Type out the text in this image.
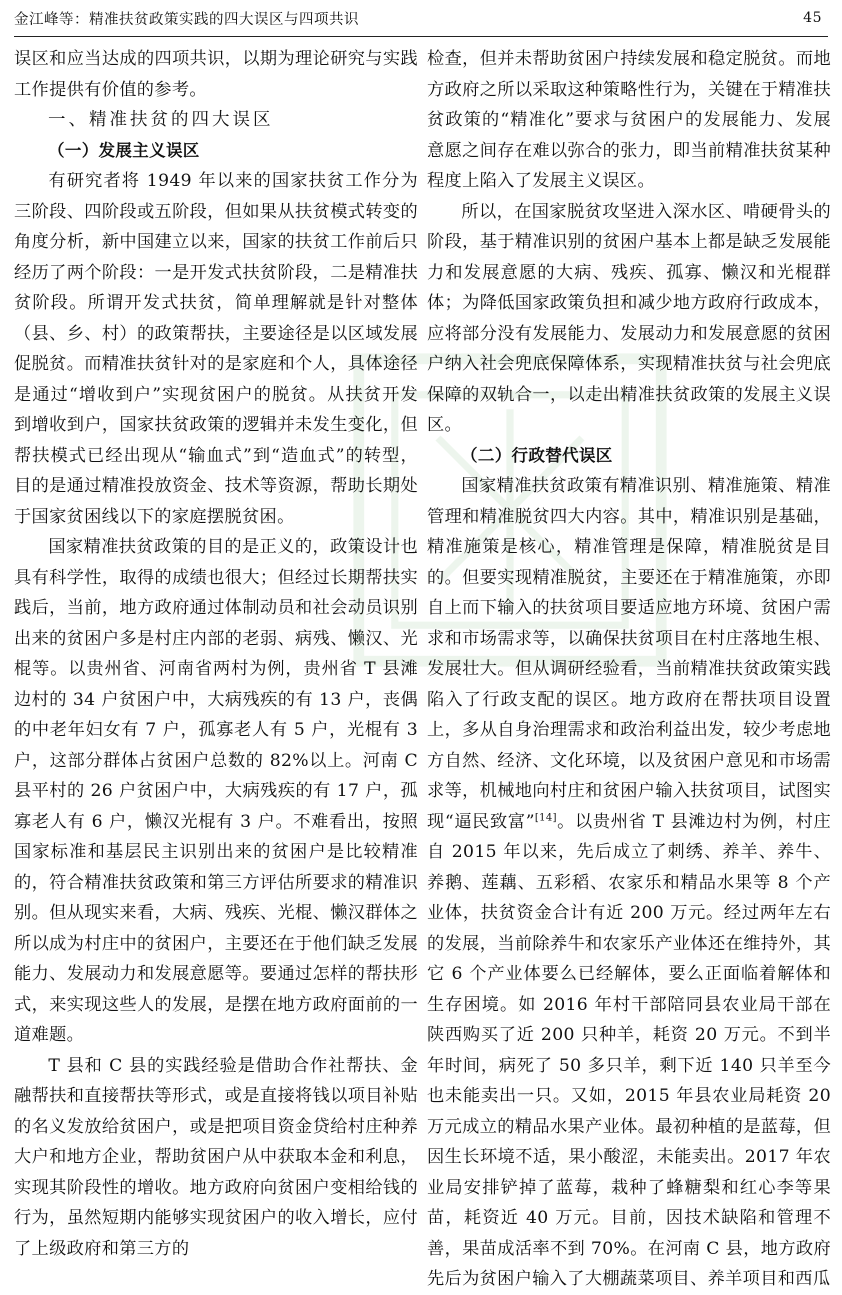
金江峰等：精准扶贫政策实践的四大误区与四项共识	45

误区和应当达成的四项共识，以期为理论研究与实践工作提供有价值的参考。

一、精准扶贫的四大误区

（一）发展主义误区

有研究者将 1949 年以来的国家扶贫工作分为三阶段、四阶段或五阶段，但如果从扶贫模式转变的角度分析，新中国建立以来，国家的扶贫工作前后只经历了两个阶段：一是开发式扶贫阶段，二是精准扶贫阶段。所谓开发式扶贫，简单理解就是针对整体（县、乡、村）的政策帮扶，主要途径是以区域发展促脱贫。而精准扶贫针对的是家庭和个人，具体途径是通过“增收到户”实现贫困户的脱贫。从扶贫开发到增收到户，国家扶贫政策的逻辑并未发生变化，但帮扶模式已经出现从“输血式”到“造血式”的转型，目的是通过精准投放资金、技术等资源，帮助长期处于国家贫困线以下的家庭摆脱贫困。

国家精准扶贫政策的目的是正义的，政策设计也具有科学性，取得的成绩也很大；但经过长期帮扶实践后，当前，地方政府通过体制动员和社会动员识别出来的贫困户多是村庄内部的老弱、病残、懒汉、光棍等。以贵州省、河南省两村为例，贵州省 T 县滩边村的 34 户贫困户中，大病残疾的有 13 户，丧偶的中老年妇女有 7 户，孤寡老人有 5 户，光棍有 3 户，这部分群体占贫困户总数的 82%以上。河南 C 县平村的 26 户贫困户中，大病残疾的有 17 户，孤寡老人有 6 户，懒汉光棍有 3 户。不难看出，按照国家标准和基层民主识别出来的贫困户是比较精准的，符合精准扶贫政策和第三方评估所要求的精准识别。但从现实来看，大病、残疾、光棍、懒汉群体之所以成为村庄中的贫困户，主要还在于他们缺乏发展能力、发展动力和发展意愿等。要通过怎样的帮扶形式，来实现这些人的发展，是摆在地方政府面前的一道难题。

T 县和 C 县的实践经验是借助合作社帮扶、金融帮扶和直接帮扶等形式，或是直接将钱以项目补贴的名义发放给贫困户，或是把项目资金贷给村庄种养大户和地方企业，帮助贫困户从中获取本金和利息，实现其阶段性的增收。地方政府向贫困户变相给钱的行为，虽然短期内能够实现贫困户的收入增长，应付了上级政府和第三方的

检查，但并未帮助贫困户持续发展和稳定脱贫。而地方政府之所以采取这种策略性行为，关键在于精准扶贫政策的“精准化”要求与贫困户的发展能力、发展意愿之间存在难以弥合的张力，即当前精准扶贫某种程度上陷入了发展主义误区。

所以，在国家脱贫攻坚进入深水区、啃硬骨头的阶段，基于精准识别的贫困户基本上都是缺乏发展能力和发展意愿的大病、残疾、孤寡、懒汉和光棍群体；为降低国家政策负担和减少地方政府行政成本，应将部分没有发展能力、发展动力和发展意愿的贫困户纳入社会兜底保障体系，实现精准扶贫与社会兜底保障的双轨合一，以走出精准扶贫政策的发展主义误区。

（二）行政替代误区

国家精准扶贫政策有精准识别、精准施策、精准管理和精准脱贫四大内容。其中，精准识别是基础，精准施策是核心，精准管理是保障，精准脱贫是目的。但要实现精准脱贫，主要还在于精准施策，亦即自上而下输入的扶贫项目要适应地方环境、贫困户需求和市场需求等，以确保扶贫项目在村庄落地生根、发展壮大。但从调研经验看，当前精准扶贫政策实践陷入了行政支配的误区。地方政府在帮扶项目设置上，多从自身治理需求和政治利益出发，较少考虑地方自然、经济、文化环境，以及贫困户意见和市场需求等，机械地向村庄和贫困户输入扶贫项目，试图实现“逼民致富”[14]。以贵州省 T 县滩边村为例，村庄自 2015 年以来，先后成立了刺绣、养羊、养牛、养鹅、莲藕、五彩稻、农家乐和精品水果等 8 个产业体，扶贫资金合计有近 200 万元。经过两年左右的发展，当前除养牛和农家乐产业体还在维持外，其它 6 个产业体要么已经解体，要么正面临着解体和生存困境。如 2016 年村干部陪同县农业局干部在陕西购买了近 200 只种羊，耗资 20 万元。不到半年时间，病死了 50 多只羊，剩下近 140 只羊至今也未能卖出一只。又如，2015 年县农业局耗资 20 万元成立的精品水果产业体。最初种植的是蓝莓，但因生长环境不适，果小酸涩，未能卖出。2017 年农业局安排铲掉了蓝莓，栽种了蜂糖梨和红心李等果苗，耗资近 40 万元。目前，因技术缺陷和管理不善，果苗成活率不到 70%。在河南 C 县，地方政府先后为贫困户输入了大棚蔬菜项目、养羊项目和西瓜
